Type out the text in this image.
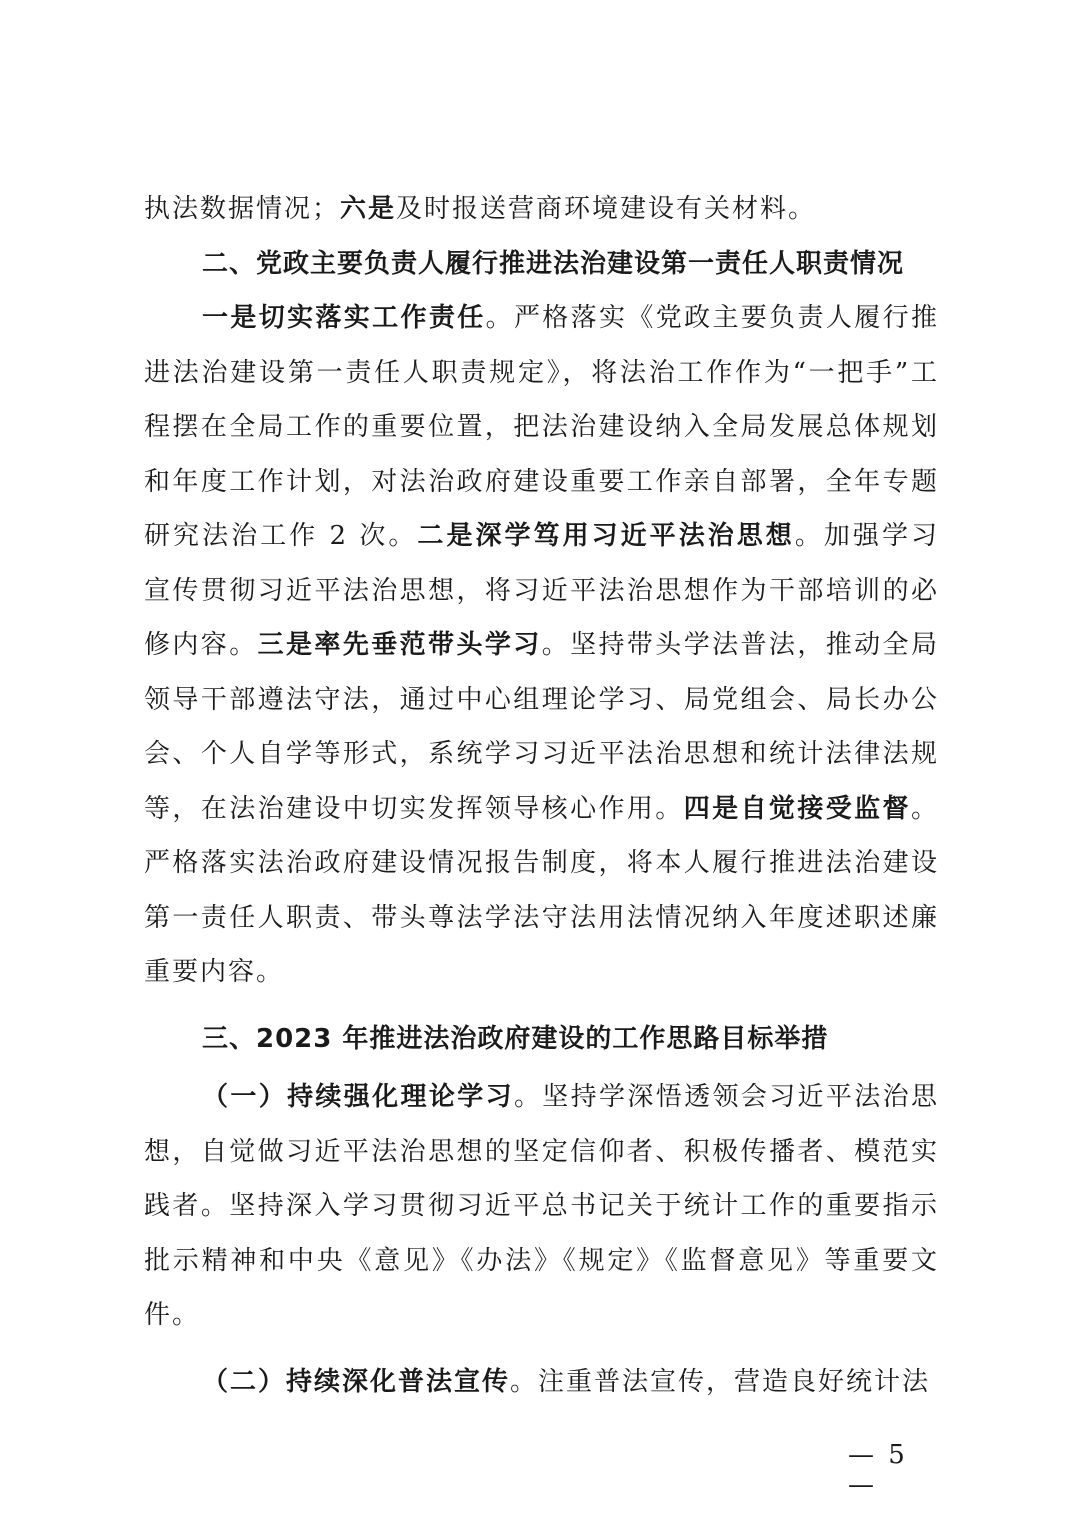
执法数据情况；六是及时报送营商环境建设有关材料。

二、党政主要负责人履行推进法治建设第一责任人职责情况

一是切实落实工作责任。严格落实《党政主要负责人履行推进法治建设第一责任人职责规定》，将法治工作作为“一把手”工程摆在全局工作的重要位置，把法治建设纳入全局发展总体规划和年度工作计划，对法治政府建设重要工作亲自部署，全年专题研究法治工作 2 次。二是深学笃用习近平法治思想。加强学习宣传贯彻习近平法治思想，将习近平法治思想作为干部培训的必修内容。三是率先垂范带头学习。坚持带头学法普法，推动全局领导干部遵法守法，通过中心组理论学习、局党组会、局长办公会、个人自学等形式，系统学习习近平法治思想和统计法律法规等，在法治建设中切实发挥领导核心作用。四是自觉接受监督。严格落实法治政府建设情况报告制度，将本人履行推进法治建设第一责任人职责、带头尊法学法守法用法情况纳入年度述职述廉重要内容。

三、2023 年推进法治政府建设的工作思路目标举措

（一）持续强化理论学习。坚持学深悟透领会习近平法治思想，自觉做习近平法治思想的坚定信仰者、积极传播者、模范实践者。坚持深入学习贯彻习近平总书记关于统计工作的重要指示批示精神和中央《意见》《办法》《规定》《监督意见》等重要文件。

（二）持续深化普法宣传。注重普法宣传，营造良好统计法

— 5 —
